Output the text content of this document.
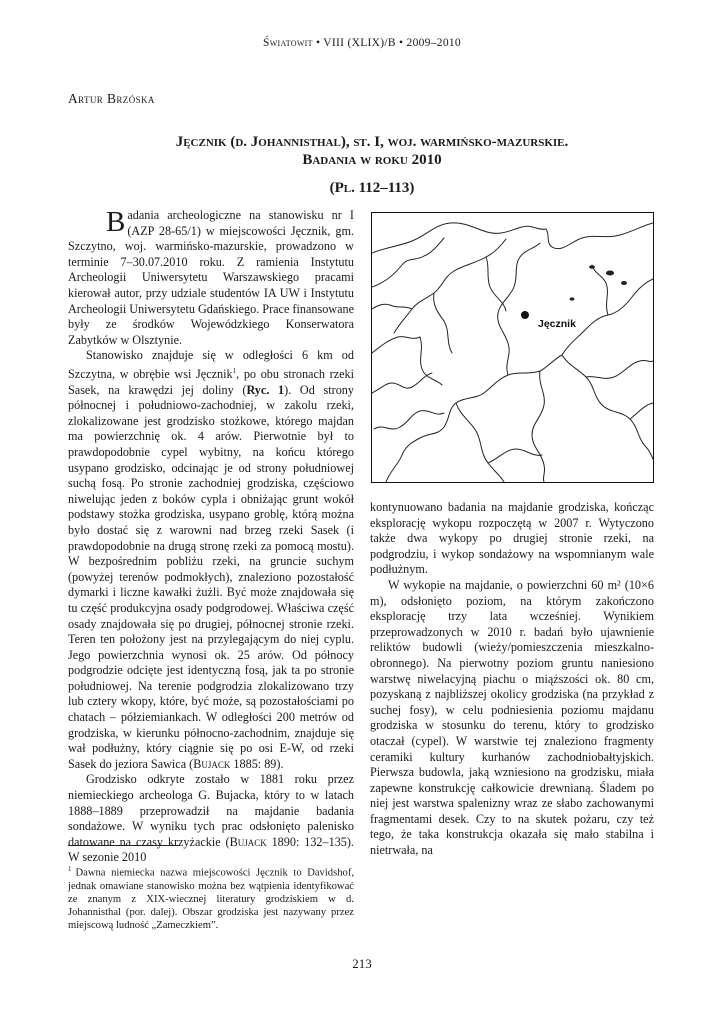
Światowit • VIII (XLIX)/B • 2009–2010
Artur Brzóska
Jęcznik (d. Johannisthal), st. I, woj. warmińsko-mazurskie.
Badania w roku 2010
(Pl. 112–113)

Badania archeologiczne na stanowisku nr I (AZP 28-65/1) w miejscowości Jęcznik, gm. Szczytno, woj. warmińsko-mazurskie, prowadzono w terminie 7–30.07.2010 roku. Z ramienia Instytutu Archeologii Uniwersytetu Warszawskiego pracami kierował autor, przy udziale studentów IA UW i Instytutu Archeologii Uniwersytetu Gdańskiego. Prace finansowane były ze środków Wojewódzkiego Konserwatora Zabytków w Olsztynie.

Stanowisko znajduje się w odległości 6 km od Szczytna, w obrębie wsi Jęcznik$^1$, po obu stronach rzeki Sasek, na krawędzi jej doliny (Ryc. 1). Od strony północnej i południowo-zachodniej, w zakolu rzeki, zlokalizowane jest grodzisko stożkowe, którego majdan ma powierzchnię ok. 4 arów. Pierwotnie był to prawdopodobnie cypel wybitny, na końcu którego usypano grodzisko, odcinając je od strony południowej suchą fosą. Po stronie zachodniej grodziska, częściowo niwelując jeden z boków cypla i obniżając grunt wokół podstawy stożka grodziska, usypano groblę, którą można było dostać się z warowni nad brzeg rzeki Sasek (i prawdopodobnie na drugą stronę rzeki za pomocą mostu). W bezpośrednim pobliżu rzeki, na gruncie suchym (powyżej terenów podmokłych), znaleziono pozostałość dymarki i liczne kawałki żużli. Być może znajdowała się tu część produkcyjna osady podgrodowej. Właściwa część osady znajdowała się po drugiej, północnej stronie rzeki. Teren ten położony jest na przylegającym do niej cyplu. Jego powierzchnia wynosi ok. 25 arów. Od północy podgrodzie odcięte jest identyczną fosą, jak ta po stronie południowej. Na terenie podgrodzia zlokalizowano trzy lub cztery wkopy, które, być może, są pozostałościami po chatach – półziemiankach. W odległości 200 metrów od grodziska, w kierunku północno-zachodnim, znajduje się wał podłużny, który ciągnie się po osi E-W, od rzeki Sasek do jeziora Sawica (Bujack 1885: 89).

Grodzisko odkryte zostało w 1881 roku przez niemieckiego archeologa G. Bujacka, który to w latach 1888–1889 przeprowadził na majdanie badania sondażowe. W wyniku tych prac odsłonięto palenisko datowane na czasy krzyżackie (Bujack 1890: 132–135). W sezonie 2010

Jęcznik

kontynuowano badania na majdanie grodziska, kończąc eksplorację wykopu rozpoczętą w 2007 r. Wytyczono także dwa wykopy po drugiej stronie rzeki, na podgrodziu, i wykop sondażowy na wspomnianym wale podłużnym.

W wykopie na majdanie, o powierzchni 60 m² (10×6 m), odsłonięto poziom, na którym zakończono eksplorację trzy lata wcześniej. Wynikiem przeprowadzonych w 2010 r. badań było ujawnienie reliktów budowli (wieży/pomieszczenia mieszkalno-obronnego). Na pierwotny poziom gruntu naniesiono warstwę niwelacyjną piachu o miąższości ok. 80 cm, pozyskaną z najbliższej okolicy grodziska (na przykład z suchej fosy), w celu podniesienia poziomu majdanu grodziska w stosunku do terenu, który to grodzisko otaczał (cypel). W warstwie tej znaleziono fragmenty ceramiki kultury kurhanów zachodniobałtyjskich. Pierwsza budowla, jaką wzniesiono na grodzisku, miała zapewne konstrukcję całkowicie drewnianą. Śladem po niej jest warstwa spalenizny wraz ze słabo zachowanymi fragmentami desek. Czy to na skutek pożaru, czy też tego, że taka konstrukcja okazała się mało stabilna i nietrwała, na

$^1$ Dawna niemiecka nazwa miejscowości Jęcznik to Davidshof, jednak omawiane stanowisko można bez wątpienia identyfikować ze znanym z XIX-wiecznej literatury grodziskiem w d. Johannisthal (por. dalej). Obszar grodziska jest nazywany przez miejscową ludność „Zameczkiem”.
213
